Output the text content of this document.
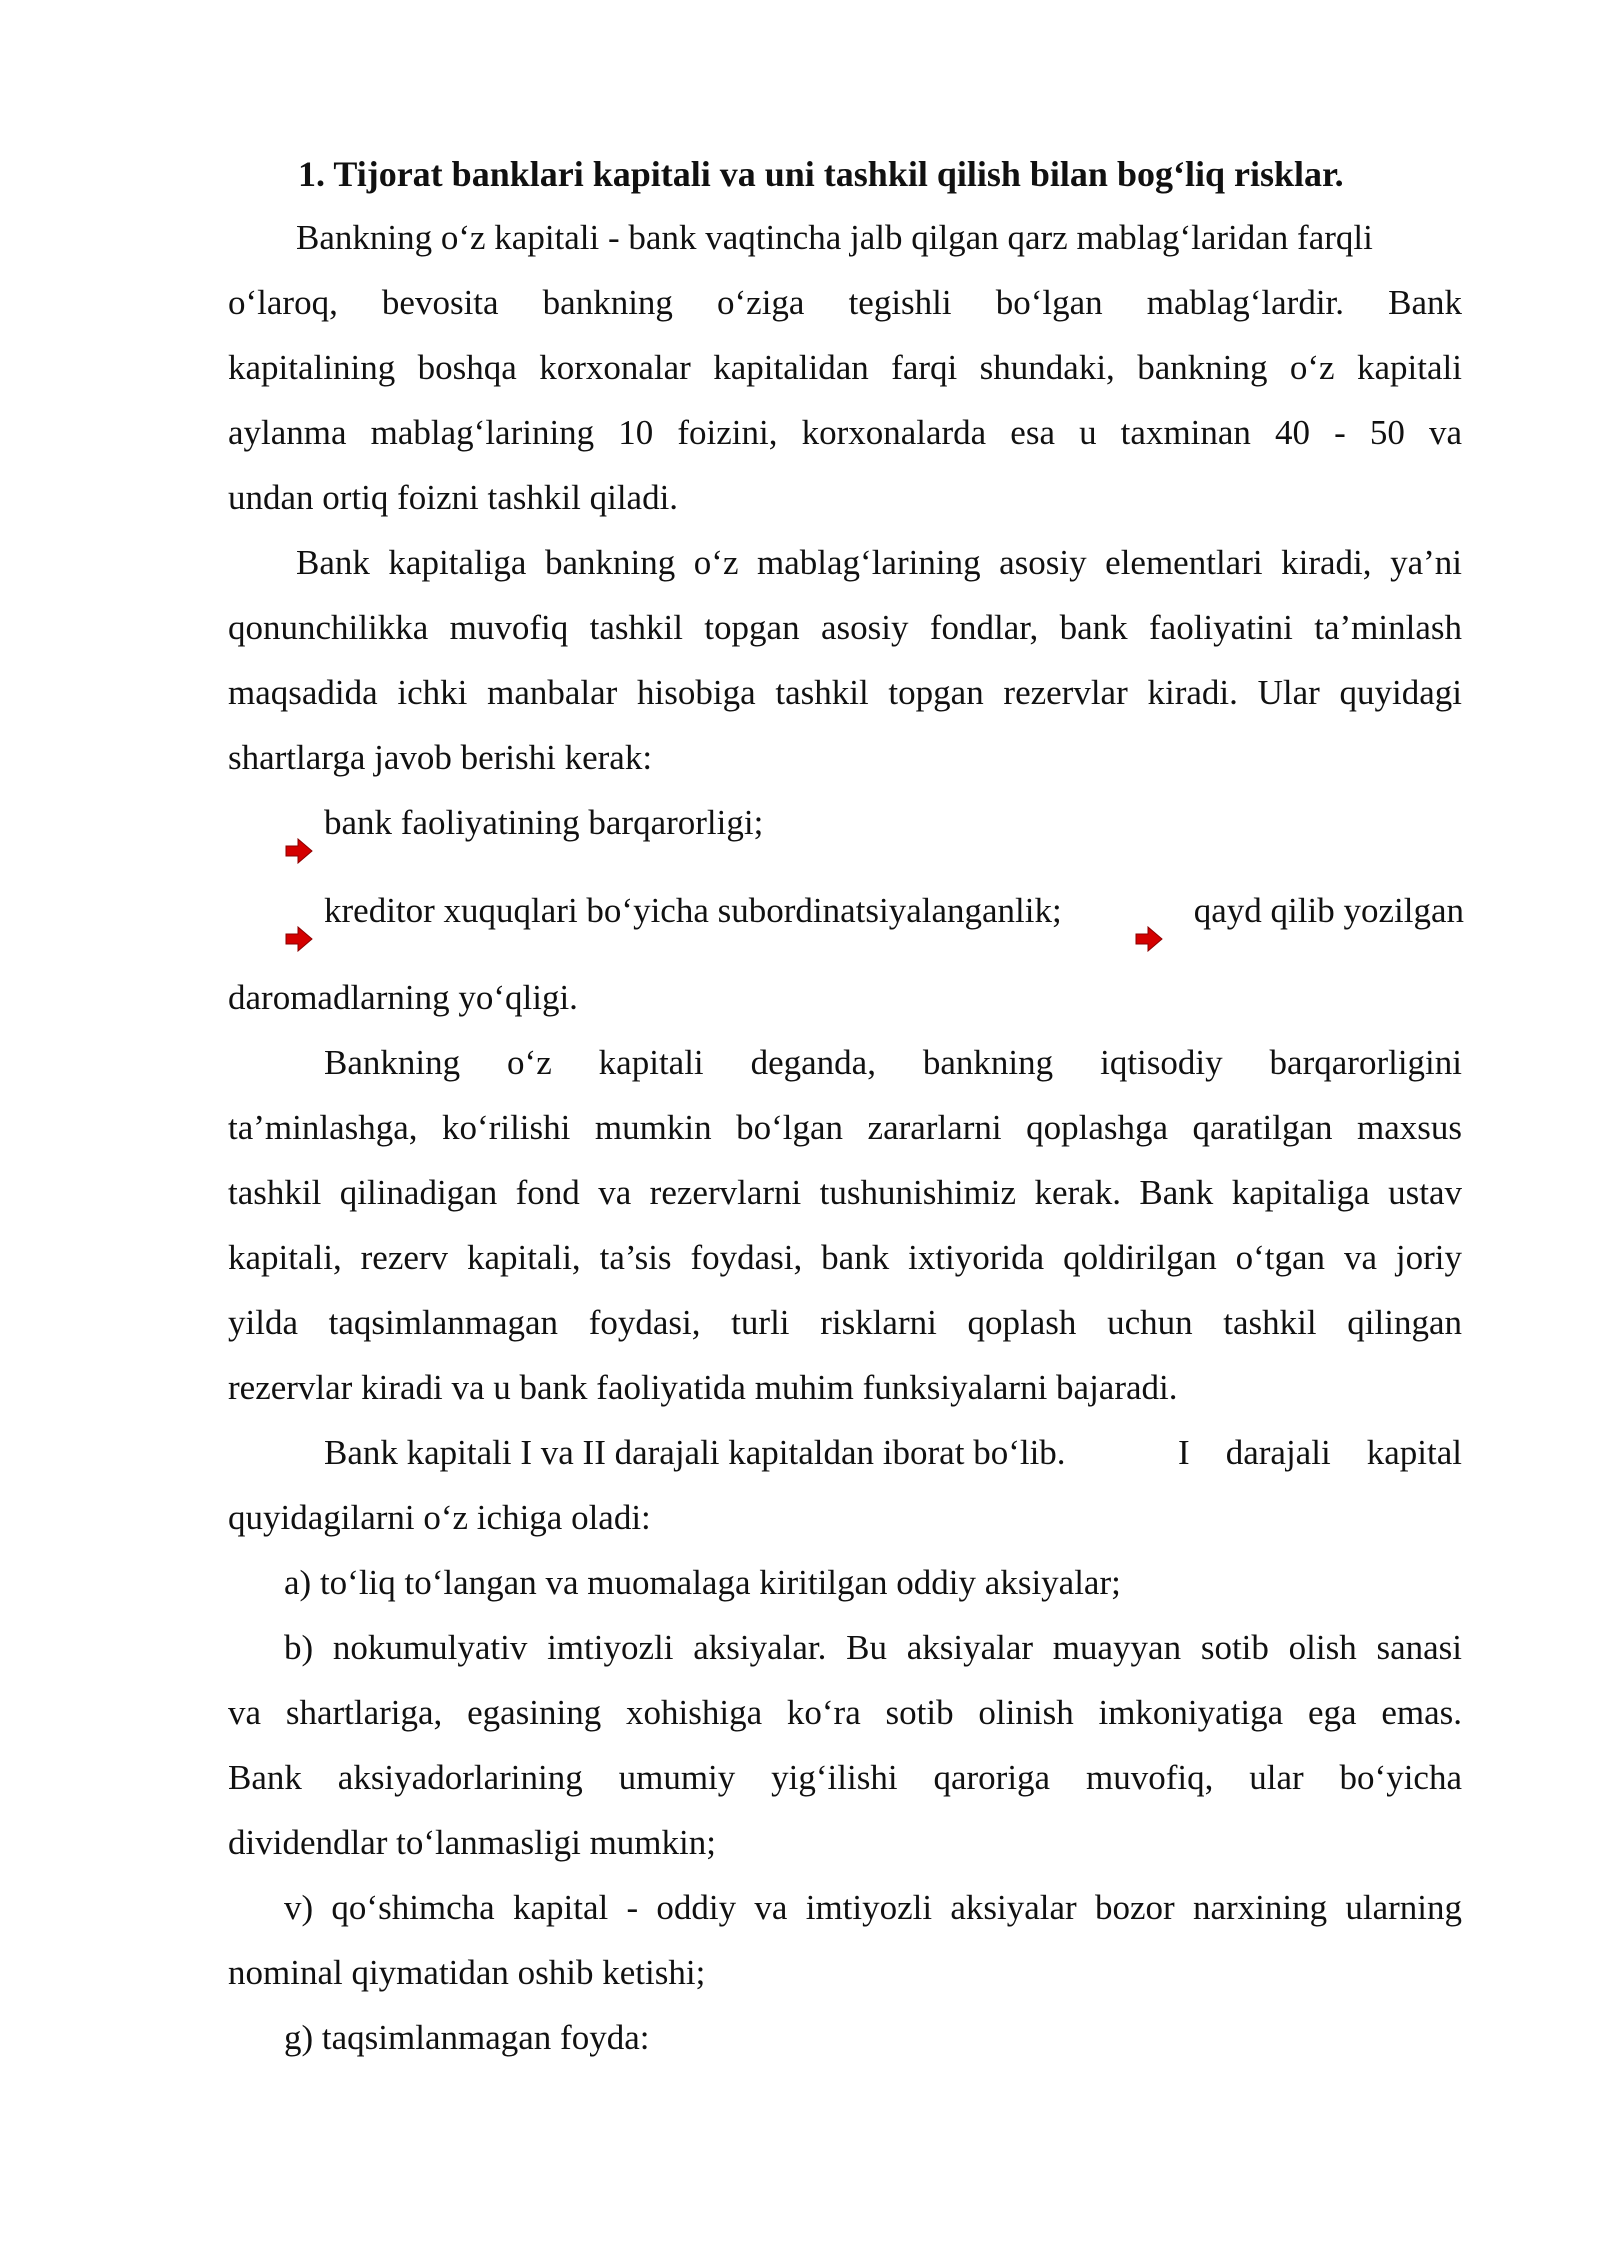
1. Tijorat banklari kapitali va uni tashkil qilish bilan bog‘liq risklar.
Bankning o‘z kapitali - bank vaqtincha jalb qilgan qarz mablag‘laridan farqli
o‘laroq, bevosita bankning o‘ziga tegishli bo‘lgan mablag‘lardir. Bank
kapitalining boshqa korxonalar kapitalidan farqi shundaki, bankning o‘z kapitali
aylanma mablag‘larining 10 foizini, korxonalarda esa u taxminan 40 - 50 va
undan ortiq foizni tashkil qiladi.
Bank kapitaliga bankning o‘z mablag‘larining asosiy elementlari kiradi, ya’ni
qonunchilikka muvofiq tashkil topgan asosiy fondlar, bank faoliyatini ta’minlash
maqsadida ichki manbalar hisobiga tashkil topgan rezervlar kiradi. Ular quyidagi
shartlarga javob berishi kerak:
bank faoliyatining barqarorligi;
kreditor xuquqlari bo‘yicha subordinatsiyalanganlik;	qayd qilib yozilgan
daromadlarning yo‘qligi.
Bankning o‘z kapitali deganda, bankning iqtisodiy barqarorligini
ta’minlashga, ko‘rilishi mumkin bo‘lgan zararlarni qoplashga qaratilgan maxsus
tashkil qilinadigan fond va rezervlarni tushunishimiz kerak. Bank kapitaliga ustav
kapitali, rezerv kapitali, ta’sis foydasi, bank ixtiyorida qoldirilgan o‘tgan va joriy
yilda taqsimlanmagan foydasi, turli risklarni qoplash uchun tashkil qilingan
rezervlar kiradi va u bank faoliyatida muhim funksiyalarni bajaradi.
Bank kapitali I va II darajali kapitaldan iborat bo‘lib.	I darajali kapital
quyidagilarni o‘z ichiga oladi:
a) to‘liq to‘langan va muomalaga kiritilgan oddiy aksiyalar;
b) nokumulyativ imtiyozli aksiyalar. Bu aksiyalar muayyan sotib olish sanasi
va shartlariga, egasining xohishiga ko‘ra sotib olinish imkoniyatiga ega emas.
Bank aksiyadorlarining umumiy yig‘ilishi qaroriga muvofiq, ular bo‘yicha
dividendlar to‘lanmasligi mumkin;
v) qo‘shimcha kapital - oddiy va imtiyozli aksiyalar bozor narxining ularning
nominal qiymatidan oshib ketishi;
g) taqsimlanmagan foyda:
